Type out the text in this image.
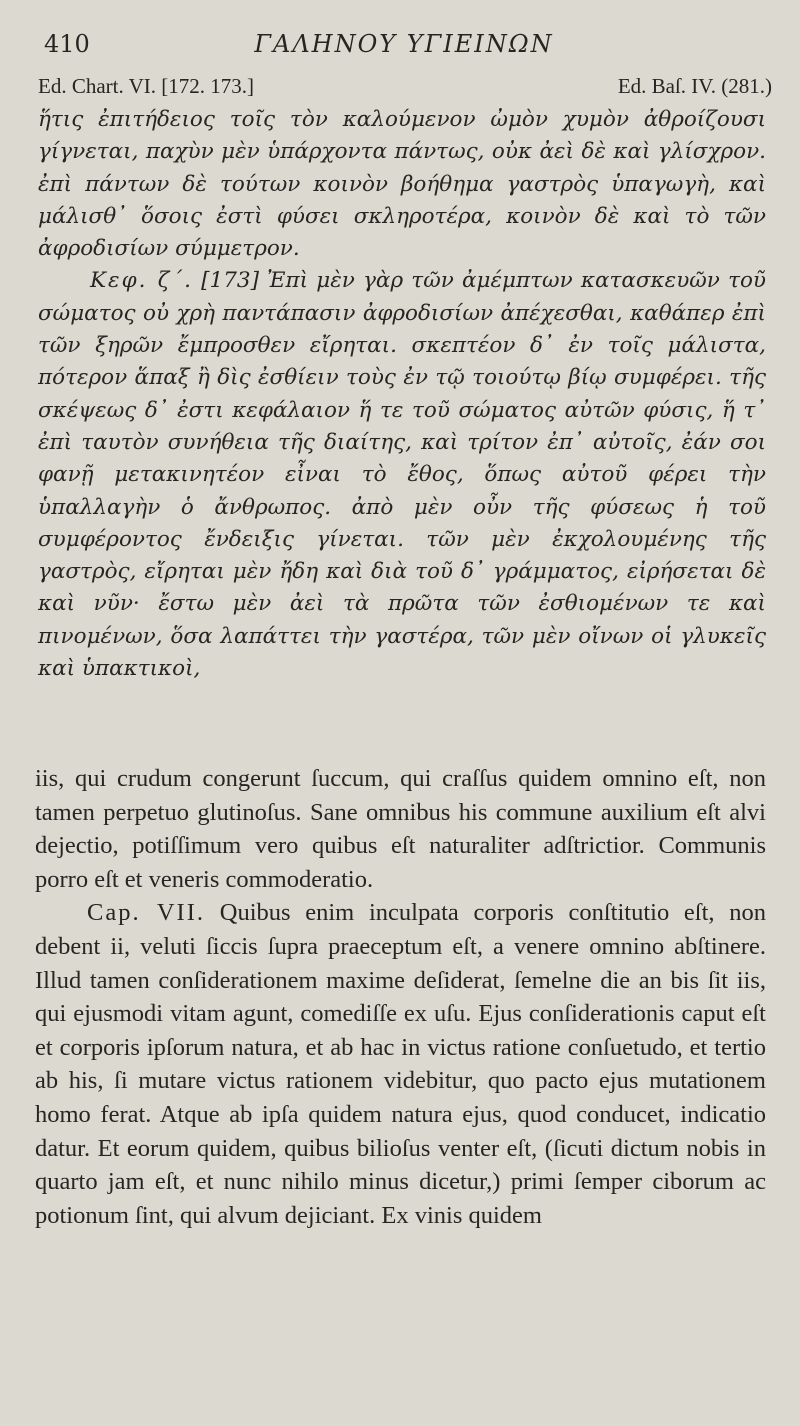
410	ΓΑΛΗΝΟΥ ΥΓΙΕΙΝΩΝ
Ed. Chart. VI. [172. 173.]	Ed. Baſ. IV. (281.)

ἥτις ἐπιτήδειος τοῖς τὸν καλούμενον ὠμὸν χυμὸν ἀθροίζουσι γίγνεται, παχὺν μὲν ὑπάρχοντα πάντως, οὐκ ἀεὶ δὲ καὶ γλίσχρον. ἐπὶ πάντων δὲ τούτων κοινὸν βοήθημα γαστρὸς ὑπαγωγὴ, καὶ μάλισθ᾽ ὅσοις ἐστὶ φύσει σκληροτέρα, κοινὸν δὲ καὶ τὸ τῶν ἀφροδισίων σύμμετρον.

Κεφ. ζ΄. [173] Ἐπὶ μὲν γὰρ τῶν ἀμέμπτων κατασκευῶν τοῦ σώματος οὐ χρὴ παντάπασιν ἀφροδισίων ἀπέχεσθαι, καθάπερ ἐπὶ τῶν ξηρῶν ἔμπροσθεν εἴρηται. σκεπτέον δ᾽ ἐν τοῖς μάλιστα, πότερον ἅπαξ ἢ δὶς ἐσθίειν τοὺς ἐν τῷ τοιούτῳ βίῳ συμφέρει. τῆς σκέψεως δ᾽ ἐστι κεφάλαιον ἥ τε τοῦ σώματος αὐτῶν φύσις, ἥ τ᾽ ἐπὶ ταυτὸν συνήθεια τῆς διαίτης, καὶ τρίτον ἐπ᾽ αὐτοῖς, ἐάν σοι φανῇ μετακινητέον εἶναι τὸ ἔθος, ὅπως αὐτοῦ φέρει τὴν ὑπαλλαγὴν ὁ ἄνθρωπος. ἀπὸ μὲν οὖν τῆς φύσεως ἡ τοῦ συμφέροντος ἔνδειξις γίνεται. τῶν μὲν ἐκχολουμένης τῆς γαστρὸς, εἴρηται μὲν ἤδη καὶ διὰ τοῦ δ᾽ γράμματος, εἰρήσεται δὲ καὶ νῦν· ἔστω μὲν ἀεὶ τὰ πρῶτα τῶν ἐσθιομένων τε καὶ πινομένων, ὅσα λαπάττει τὴν γαστέρα, τῶν μὲν οἴνων οἱ γλυκεῖς καὶ ὑπακτικοὶ,

iis, qui crudum congerunt ſuccum, qui craſſus quidem omnino eſt, non tamen perpetuo glutinoſus. Sane omnibus his commune auxilium eſt alvi dejectio, potiſſimum vero quibus eſt naturaliter adſtrictior. Communis porro eſt et veneris commoderatio.

Cap. VII. Quibus enim inculpata corporis conſtitutio eſt, non debent ii, veluti ſiccis ſupra praeceptum eſt, a venere omnino abſtinere. Illud tamen conſiderationem maxime deſiderat, ſemelne die an bis ſit iis, qui ejusmodi vitam agunt, comediſſe ex uſu. Ejus conſiderationis caput eſt et corporis ipſorum natura, et ab hac in victus ratione conſuetudo, et tertio ab his, ſi mutare victus rationem videbitur, quo pacto ejus mutationem homo ferat. Atque ab ipſa quidem natura ejus, quod conducet, indicatio datur. Et eorum quidem, quibus bilioſus venter eſt, (ſicuti dictum nobis in quarto jam eſt, et nunc nihilo minus dicetur,) primi ſemper ciborum ac potionum ſint, qui alvum dejiciant. Ex vinis quidem
